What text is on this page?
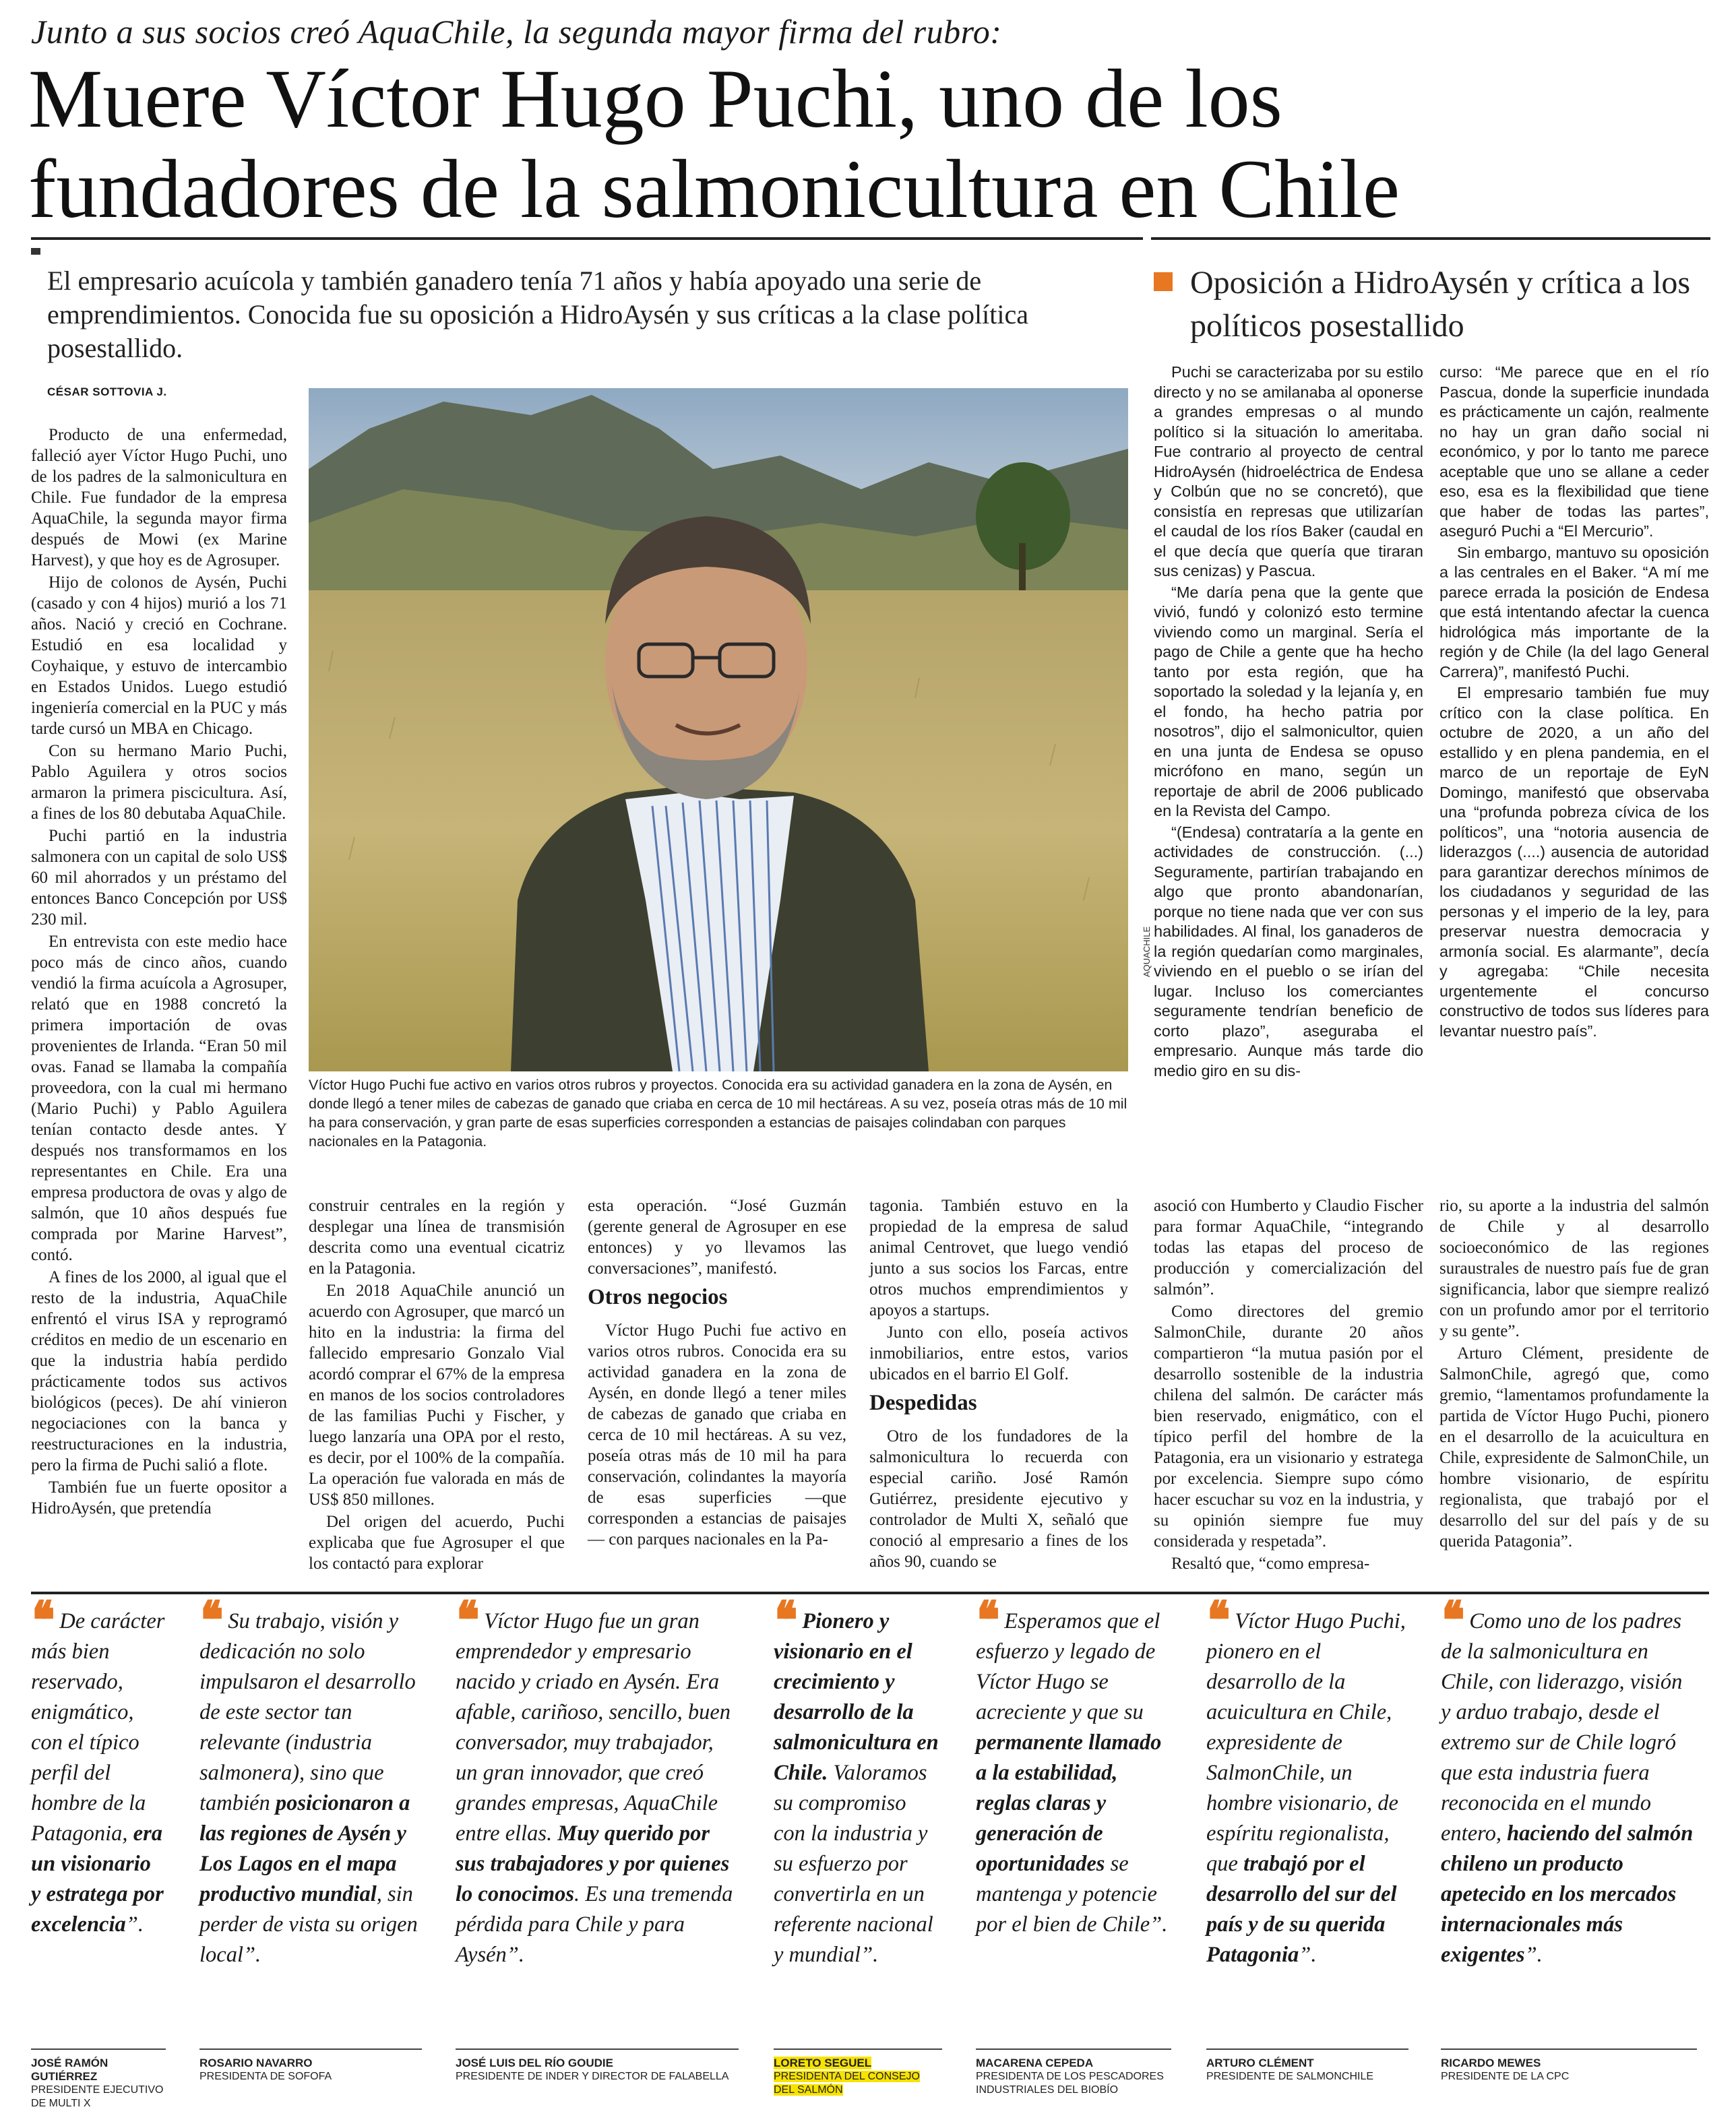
Junto a sus socios creó AquaChile, la segunda mayor firma del rubro:
Muere Víctor Hugo Puchi, uno de los
fundadores de la salmonicultura en Chile
El empresario acuícola y también ganadero tenía 71 años y había apoyado una serie de emprendimientos. Conocida fue su oposición a HidroAysén y sus críticas a la clase política posestallido.
CÉSAR SOTTOVIA J.

Producto de una enfermedad, falleció ayer Víctor Hugo Puchi, uno de los padres de la salmonicultura en Chile. Fue fundador de la empresa AquaChile, la segunda mayor firma después de Mowi (ex Marine Harvest), y que hoy es de Agrosuper.

Hijo de colonos de Aysén, Puchi (casado y con 4 hijos) murió a los 71 años. Nació y creció en Cochrane. Estudió en esa localidad y Coyhaique, y estuvo de intercambio en Estados Unidos. Luego estudió ingeniería comercial en la PUC y más tarde cursó un MBA en Chicago.

Con su hermano Mario Puchi, Pablo Aguilera y otros socios armaron la primera piscicultura. Así, a fines de los 80 debutaba AquaChile.

Puchi partió en la industria salmonera con un capital de solo US$ 60 mil ahorrados y un préstamo del entonces Banco Concepción por US$ 230 mil.

En entrevista con este medio hace poco más de cinco años, cuando vendió la firma acuícola a Agrosuper, relató que en 1988 concretó la primera importación de ovas provenientes de Irlanda. “Eran 50 mil ovas. Fanad se llamaba la compañía proveedora, con la cual mi hermano (Mario Puchi) y Pablo Aguilera tenían contacto desde antes. Y después nos transformamos en los representantes en Chile. Era una empresa productora de ovas y algo de salmón, que 10 años después fue comprada por Marine Harvest”, contó.

A fines de los 2000, al igual que el resto de la industria, AquaChile enfrentó el virus ISA y reprogramó créditos en medio de un escenario en que la industria había perdido prácticamente todos sus activos biológicos (peces). De ahí vinieron negociaciones con la banca y reestructuraciones en la industria, pero la firma de Puchi salió a flote.

También fue un fuerte opositor a HidroAysén, que pretendía

AQUACHILE
Víctor Hugo Puchi fue activo en varios otros rubros y proyectos. Conocida era su actividad ganadera en la zona de Aysén, en donde llegó a tener miles de cabezas de ganado que criaba en cerca de 10 mil hectáreas. A su vez, poseía otras más de 10 mil ha para conservación, y gran parte de esas superficies corresponden a estancias de paisajes colindaban con parques nacionales en la Patagonia.

construir centrales en la región y desplegar una línea de transmisión descrita como una eventual cicatriz en la Patagonia.

En 2018 AquaChile anunció un acuerdo con Agrosuper, que marcó un hito en la industria: la firma del fallecido empresario Gonzalo Vial acordó comprar el 67% de la empresa en manos de los socios controladores de las familias Puchi y Fischer, y luego lanzaría una OPA por el resto, es decir, por el 100% de la compañía. La operación fue valorada en más de US$ 850 millones.

Del origen del acuerdo, Puchi explicaba que fue Agrosuper el que los contactó para explorar

esta operación. “José Guzmán (gerente general de Agrosuper en ese entonces) y yo llevamos las conversaciones”, manifestó.

Otros negocios

Víctor Hugo Puchi fue activo en varios otros rubros. Conocida era su actividad ganadera en la zona de Aysén, en donde llegó a tener miles de cabezas de ganado que criaba en cerca de 10 mil hectáreas. A su vez, poseía otras más de 10 mil ha para conservación, colindantes la mayoría de esas superficies —que corresponden a estancias de paisajes— con parques nacionales en la Pa-

tagonia. También estuvo en la propiedad de la empresa de salud animal Centrovet, que luego vendió junto a sus socios los Farcas, entre otros muchos emprendimientos y apoyos a startups.

Junto con ello, poseía activos inmobiliarios, entre estos, varios ubicados en el barrio El Golf.

Despedidas

Otro de los fundadores de la salmonicultura lo recuerda con especial cariño. José Ramón Gutiérrez, presidente ejecutivo y controlador de Multi X, señaló que conoció al empresario a fines de los años 90, cuando se

Oposición a HidroAysén y crítica a los políticos posestallido

Puchi se caracterizaba por su estilo directo y no se amilanaba al oponerse a grandes empresas o al mundo político si la situación lo ameritaba. Fue contrario al proyecto de central HidroAysén (hidroeléctrica de Endesa y Colbún que no se concretó), que consistía en represas que utilizarían el caudal de los ríos Baker (caudal en el que decía que quería que tiraran sus cenizas) y Pascua.

“Me daría pena que la gente que vivió, fundó y colonizó esto termine viviendo como un marginal. Sería el pago de Chile a gente que ha hecho tanto por esta región, que ha soportado la soledad y la lejanía y, en el fondo, ha hecho patria por nosotros”, dijo el salmonicultor, quien en una junta de Endesa se opuso micrófono en mano, según un reportaje de abril de 2006 publicado en la Revista del Campo.

“(Endesa) contrataría a la gente en actividades de construcción. (...) Seguramente, partirían trabajando en algo que pronto abandonarían, porque no tiene nada que ver con sus habilidades. Al final, los ganaderos de la región quedarían como marginales, viviendo en el pueblo o se irían del lugar. Incluso los comerciantes seguramente tendrían beneficio de corto plazo”, aseguraba el empresario. Aunque más tarde dio medio giro en su dis-

curso: “Me parece que en el río Pascua, donde la superficie inundada es prácticamente un cajón, realmente no hay un gran daño social ni económico, y por lo tanto me parece aceptable que uno se allane a ceder eso, esa es la flexibilidad que tiene que haber de todas las partes”, aseguró Puchi a “El Mercurio”.

Sin embargo, mantuvo su oposición a las centrales en el Baker. “A mí me parece errada la posición de Endesa que está intentando afectar la cuenca hidrológica más importante de la región y de Chile (la del lago General Carrera)”, manifestó Puchi.

El empresario también fue muy crítico con la clase política. En octubre de 2020, a un año del estallido y en plena pandemia, en el marco de un reportaje de EyN Domingo, manifestó que observaba una “profunda pobreza cívica de los políticos”, una “notoria ausencia de liderazgos (....) ausencia de autoridad para garantizar derechos mínimos de los ciudadanos y seguridad de las personas y el imperio de la ley, para preservar nuestra democracia y armonía social. Es alarmante”, decía y agregaba: “Chile necesita urgentemente el concurso constructivo de todos sus líderes para levantar nuestro país”.

asoció con Humberto y Claudio Fischer para formar AquaChile, “integrando todas las etapas del proceso de producción y comercialización del salmón”.

Como directores del gremio SalmonChile, durante 20 años compartieron “la mutua pasión por el desarrollo sostenible de la industria chilena del salmón. De carácter más bien reservado, enigmático, con el típico perfil del hombre de la Patagonia, era un visionario y estratega por excelencia. Siempre supo cómo hacer escuchar su voz en la industria, y su opinión siempre fue muy considerada y respetada”.

Resaltó que, “como empresa-

rio, su aporte a la industria del salmón de Chile y al desarrollo socioeconómico de las regiones suraustrales de nuestro país fue de gran significancia, labor que siempre realizó con un profundo amor por el territorio y su gente”.

Arturo Clément, presidente de SalmonChile, agregó que, como gremio, “lamentamos profundamente la partida de Víctor Hugo Puchi, pionero en el desarrollo de la acuicultura en Chile, expresidente de SalmonChile, un hombre visionario, de espíritu regionalista, que trabajó por el desarrollo del sur del país y de su querida Patagonia”.

❛❛ De carácter más bien reservado, enigmático, con el típico perfil del hombre de la Patagonia, era un visionario y estratega por excelencia”.
JOSÉ RAMÓN GUTIÉRREZ
PRESIDENTE EJECUTIVO DE MULTI X
❛❛ Su trabajo, visión y dedicación no solo impulsaron el desarrollo de este sector tan relevante (industria salmonera), sino que también posicionaron a las regiones de Aysén y Los Lagos en el mapa productivo mundial, sin perder de vista su origen local”.
ROSARIO NAVARRO
PRESIDENTA DE SOFOFA
❛❛ Víctor Hugo fue un gran emprendedor y empresario nacido y criado en Aysén. Era afable, cariñoso, sencillo, buen conversador, muy trabajador, un gran innovador, que creó grandes empresas, AquaChile entre ellas. Muy querido por sus trabajadores y por quienes lo conocimos. Es una tremenda pérdida para Chile y para Aysén”.
JOSÉ LUIS DEL RÍO GOUDIE
PRESIDENTE DE INDER Y DIRECTOR DE FALABELLA
❛❛ Pionero y visionario en el crecimiento y desarrollo de la salmonicultura en Chile. Valoramos su compromiso con la industria y su esfuerzo por convertirla en un referente nacional y mundial”.
LORETO SEGUEL
PRESIDENTA DEL CONSEJO DEL SALMÓN
❛❛ Esperamos que el esfuerzo y legado de Víctor Hugo se acreciente y que su permanente llamado a la estabilidad, reglas claras y generación de oportunidades se mantenga y potencie por el bien de Chile”.
MACARENA CEPEDA
PRESIDENTA DE LOS PESCADORES INDUSTRIALES DEL BIOBÍO
❛❛ Víctor Hugo Puchi, pionero en el desarrollo de la acuicultura en Chile, expresidente de SalmonChile, un hombre visionario, de espíritu regionalista, que trabajó por el desarrollo del sur del país y de su querida Patagonia”.
ARTURO CLÉMENT
PRESIDENTE DE SALMONCHILE
❛❛ Como uno de los padres de la salmonicultura en Chile, con liderazgo, visión y arduo trabajo, desde el extremo sur de Chile logró que esta industria fuera reconocida en el mundo entero, haciendo del salmón chileno un producto apetecido en los mercados internacionales más exigentes”.
RICARDO MEWES
PRESIDENTE DE LA CPC
